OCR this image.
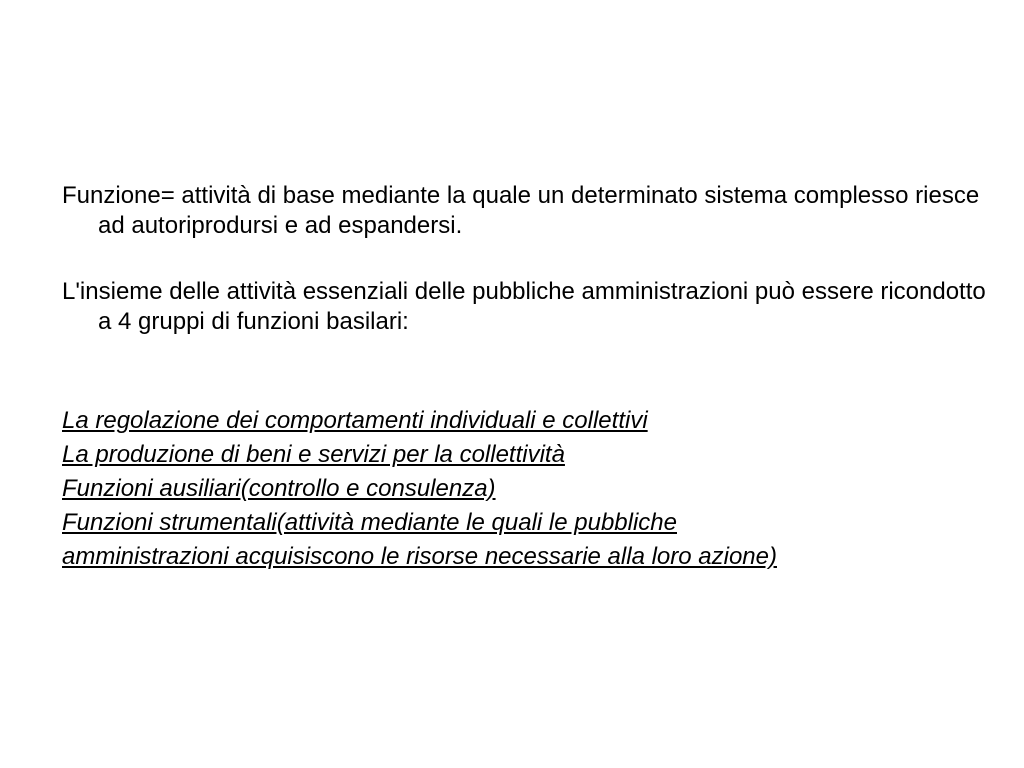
Funzione= attività di base mediante la quale un determinato sistema complesso riesce ad autoriprodursi e ad espandersi.

L'insieme delle attività essenziali delle pubbliche amministrazioni può essere ricondotto a 4 gruppi di funzioni basilari:

La regolazione dei comportamenti individuali e collettivi
La produzione di beni e servizi per la collettività
Funzioni ausiliari(controllo e consulenza)
Funzioni strumentali(attività mediante le quali le pubbliche
amministrazioni acquisiscono le risorse necessarie alla loro azione)
